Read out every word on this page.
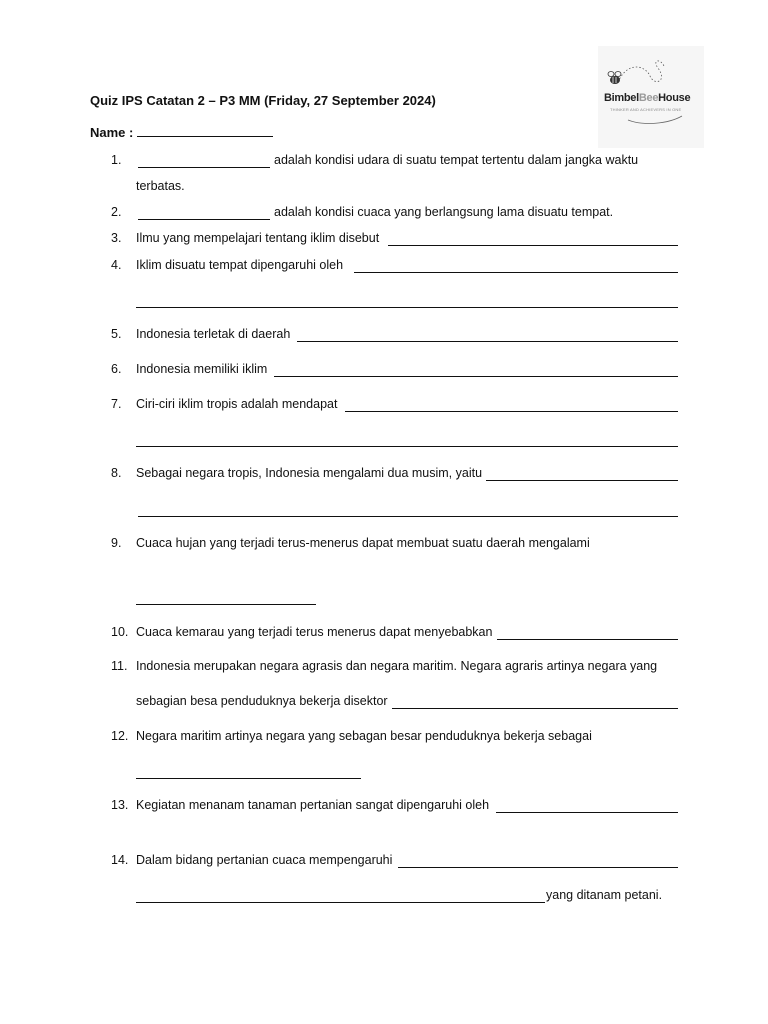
BimbelBeeHouse
THINKER AND ACHIEVERS IN ONE
Quiz IPS Catatan 2 – P3 MM (Friday, 27 September 2024)
Name :
1.	adalah kondisi udara di suatu tempat tertentu dalam jangka waktu
terbatas.
2.	adalah kondisi cuaca yang berlangsung lama disuatu tempat.
3.	Ilmu yang mempelajari tentang iklim disebut
4.	Iklim disuatu tempat dipengaruhi oleh
5.	Indonesia terletak di daerah
6.	Indonesia memiliki iklim
7.	Ciri-ciri iklim tropis adalah mendapat
8.	Sebagai negara tropis, Indonesia mengalami dua musim, yaitu
9.	Cuaca hujan yang terjadi terus-menerus dapat membuat suatu daerah mengalami
10. Cuaca kemarau yang terjadi terus menerus dapat menyebabkan
11. Indonesia merupakan negara agrasis dan negara maritim. Negara agraris artinya negara yang
sebagian besa penduduknya bekerja disektor
12. Negara maritim artinya negara yang sebagan besar penduduknya bekerja sebagai
13. Kegiatan menanam tanaman pertanian sangat dipengaruhi oleh
14. Dalam bidang pertanian cuaca mempengaruhi
yang ditanam petani.
